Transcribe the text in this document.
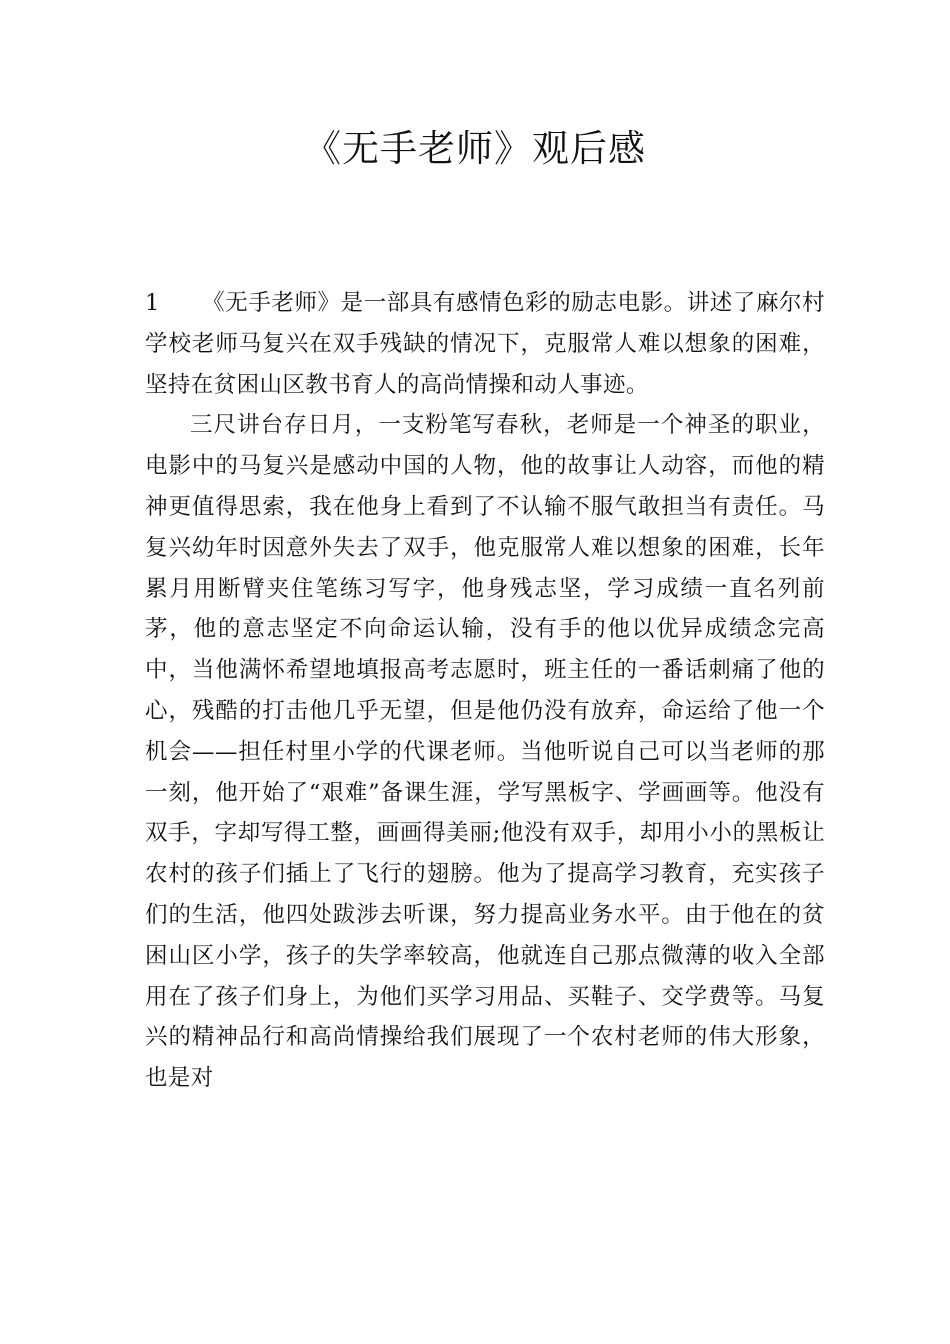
《无手老师》观后感

1 《无手老师》是一部具有感情色彩的励志电影。讲述了麻尔村学校老师马复兴在双手残缺的情况下，克服常人难以想象的困难，坚持在贫困山区教书育人的高尚情操和动人事迹。

三尺讲台存日月，一支粉笔写春秋，老师是一个神圣的职业，电影中的马复兴是感动中国的人物，他的故事让人动容，而他的精神更值得思索，我在他身上看到了不认输不服气敢担当有责任。马复兴幼年时因意外失去了双手，他克服常人难以想象的困难，长年累月用断臂夹住笔练习写字，他身残志坚，学习成绩一直名列前茅，他的意志坚定不向命运认输，没有手的他以优异成绩念完高中，当他满怀希望地填报高考志愿时，班主任的一番话刺痛了他的心，残酷的打击他几乎无望，但是他仍没有放弃，命运给了他一个机会——担任村里小学的代课老师。当他听说自己可以当老师的那一刻，他开始了“艰难”备课生涯，学写黑板字、学画画等。他没有双手，字却写得工整，画画得美丽;他没有双手，却用小小的黑板让农村的孩子们插上了飞行的翅膀。他为了提高学习教育，充实孩子们的生活，他四处跋涉去听课，努力提高业务水平。由于他在的贫困山区小学，孩子的失学率较高，他就连自己那点微薄的收入全部用在了孩子们身上，为他们买学习用品、买鞋子、交学费等。马复兴的精神品行和高尚情操给我们展现了一个农村老师的伟大形象，也是对
